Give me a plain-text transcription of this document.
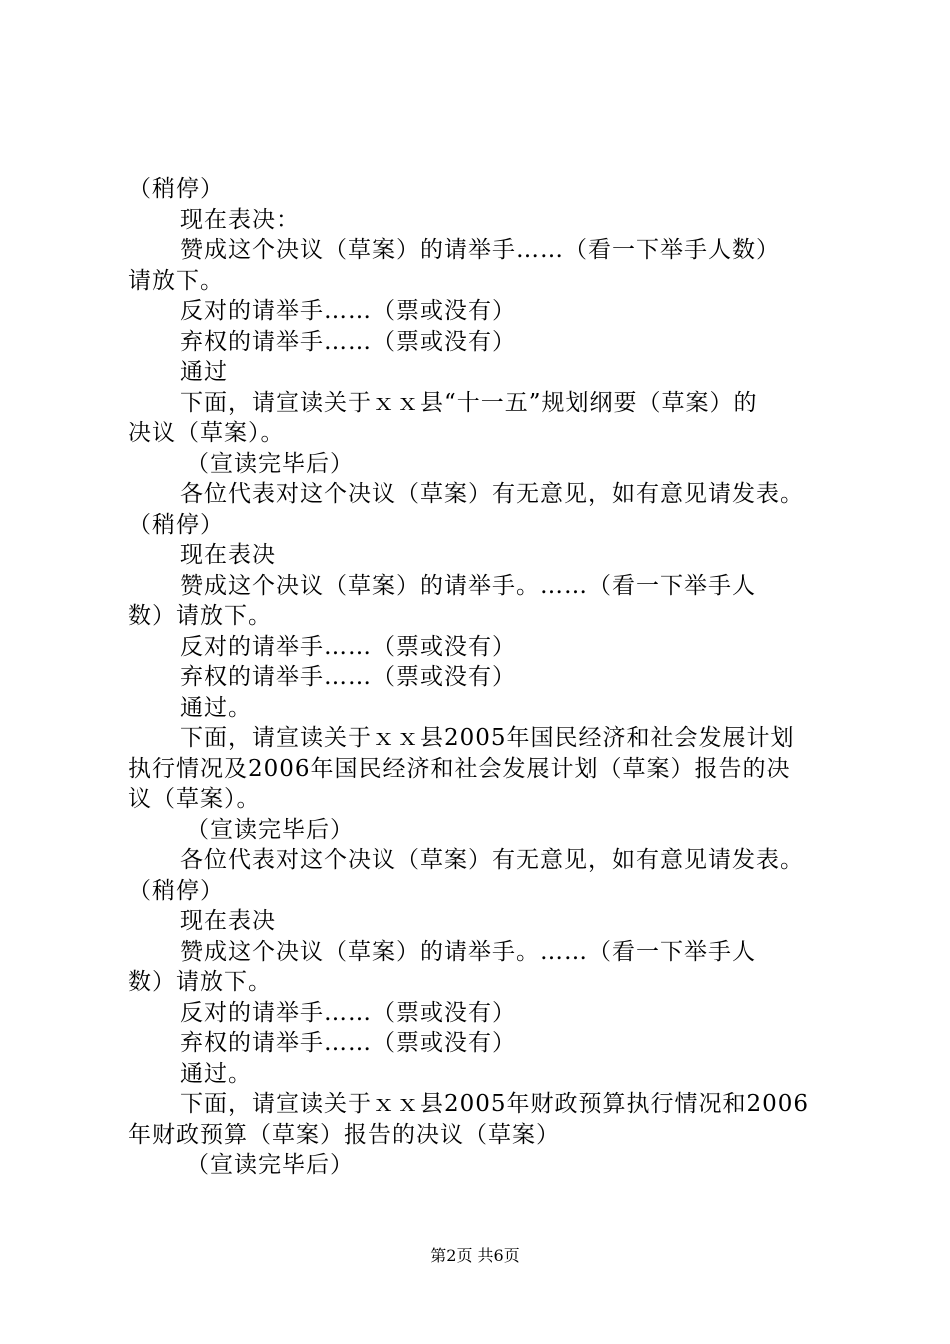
（稍停）
现在表决：
赞成这个决议（草案）的请举手……（看一下举手人数）
请放下。
反对的请举手……（票或没有）
弃权的请举手……（票或没有）
通过
下面，请宣读关于ｘｘ县“十一五”规划纲要（草案）的
决议（草案）。
（宣读完毕后）
各位代表对这个决议（草案）有无意见，如有意见请发表。
（稍停）
现在表决
赞成这个决议（草案）的请举手。……（看一下举手人
数）请放下。
反对的请举手……（票或没有）
弃权的请举手……（票或没有）
通过。
下面，请宣读关于ｘｘ县2005年国民经济和社会发展计划
执行情况及2006年国民经济和社会发展计划（草案）报告的决
议（草案）。
（宣读完毕后）
各位代表对这个决议（草案）有无意见，如有意见请发表。
（稍停）
现在表决
赞成这个决议（草案）的请举手。……（看一下举手人
数）请放下。
反对的请举手……（票或没有）
弃权的请举手……（票或没有）
通过。
下面，请宣读关于ｘｘ县2005年财政预算执行情况和2006
年财政预算（草案）报告的决议（草案）
（宣读完毕后）
第2页 共6页
